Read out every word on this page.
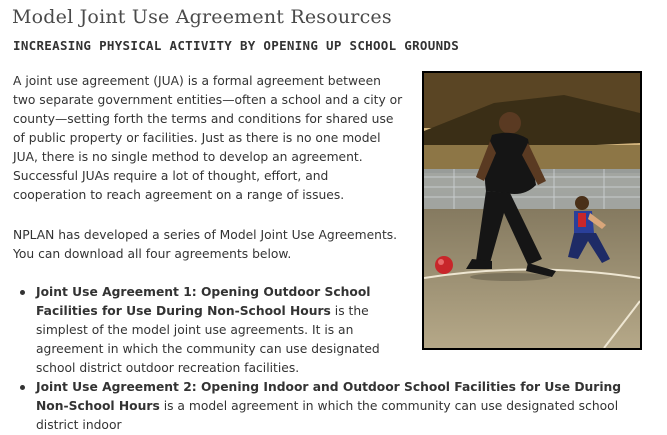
Model Joint Use Agreement Resources
INCREASING PHYSICAL ACTIVITY BY OPENING UP SCHOOL GROUNDS

A joint use agreement (JUA) is a formal agreement between two separate government entities—often a school and a city or county—setting forth the terms and conditions for shared use of public property or facilities. Just as there is no one model JUA, there is no single method to develop an agreement. Successful JUAs require a lot of thought, effort, and cooperation to reach agreement on a range of issues.

NPLAN has developed a series of Model Joint Use Agreements. You can download all four agreements below.

Joint Use Agreement 1: Opening Outdoor School Facilities for Use During Non-School Hours is the simplest of the model joint use agreements. It is an agreement in which the community can use designated school district outdoor recreation facilities.
Joint Use Agreement 2: Opening Indoor and Outdoor School Facilities for Use During Non-School Hours is a model agreement in which the community can use designated school district indoor
